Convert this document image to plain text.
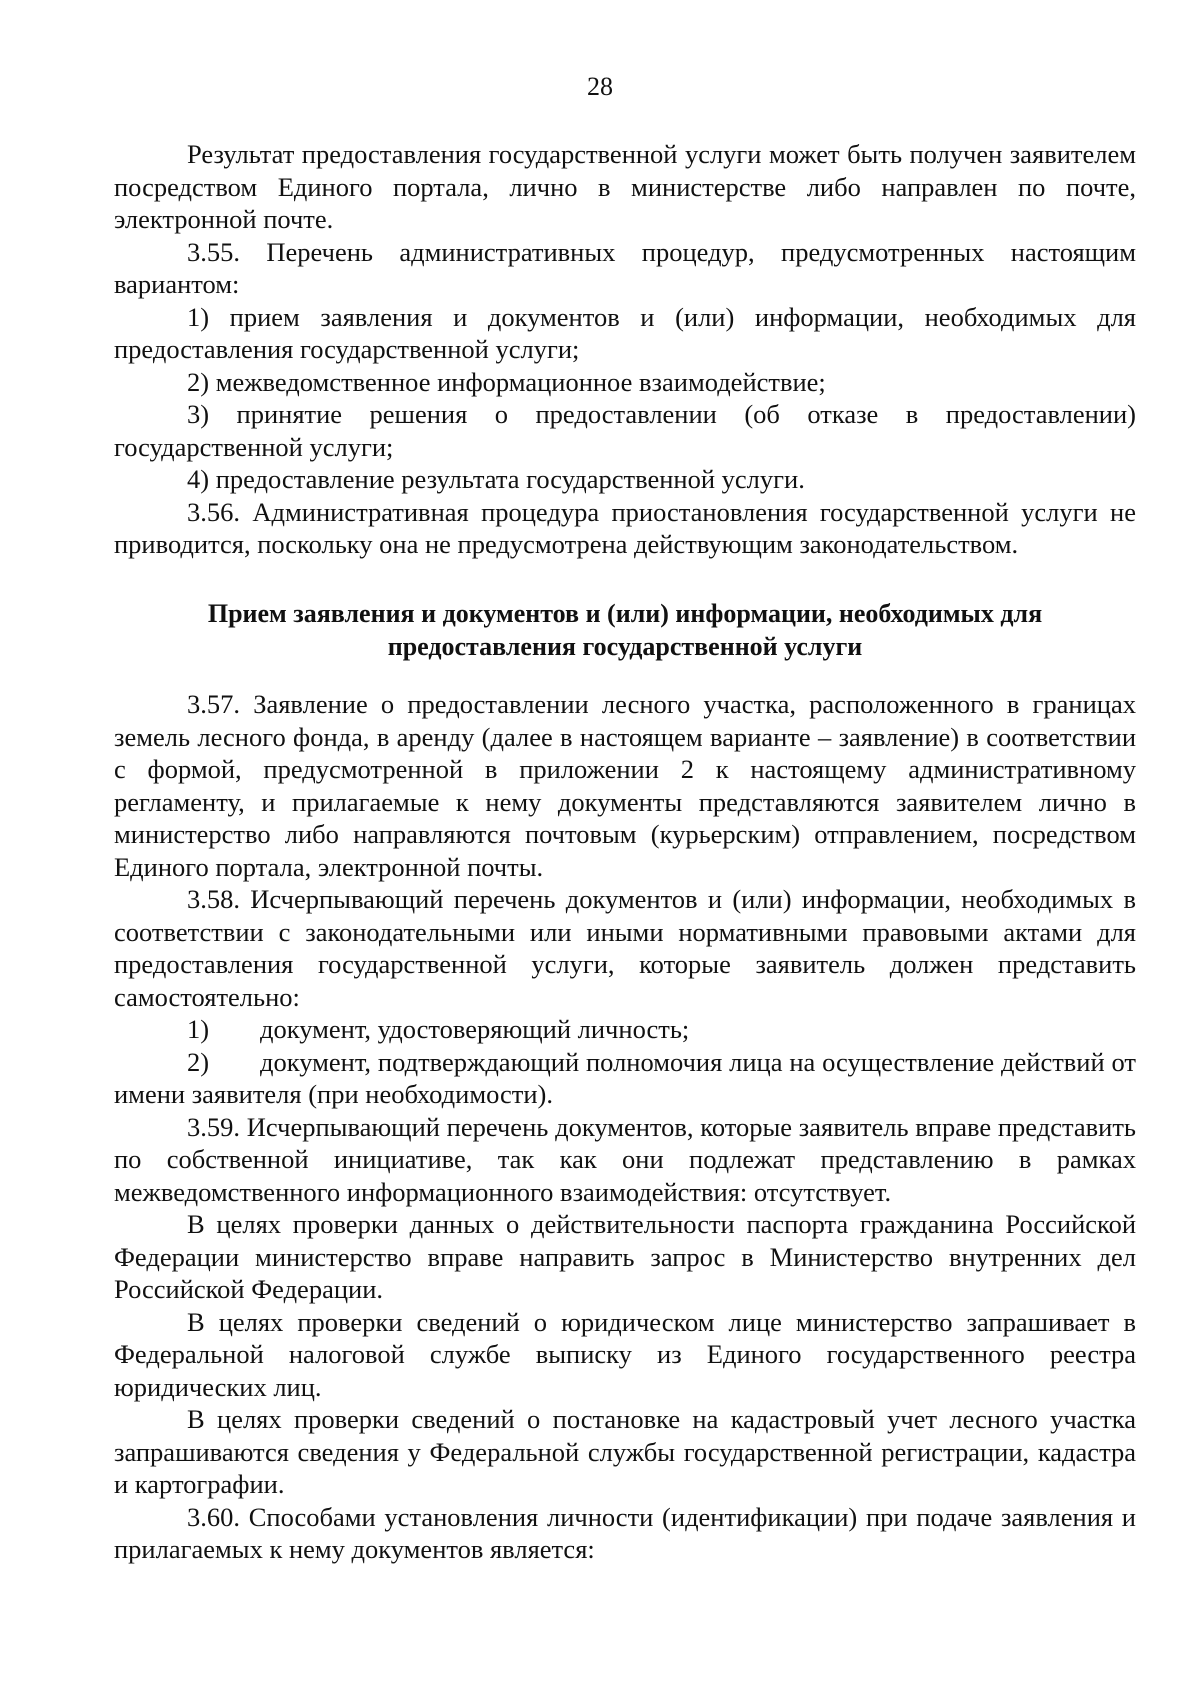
28

Результат предоставления государственной услуги может быть получен заявителем посредством Единого портала, лично в министерстве либо направлен по почте, электронной почте.

3.55. Перечень административных процедур, предусмотренных настоящим вариантом:

1) прием заявления и документов и (или) информации, необходимых для предоставления государственной услуги;

2) межведомственное информационное взаимодействие;

3) принятие решения о предоставлении (об отказе в предоставлении) государственной услуги;

4) предоставление результата государственной услуги.

3.56. Административная процедура приостановления государственной услуги не приводится, поскольку она не предусмотрена действующим законодательством.

Прием заявления и документов и (или) информации, необходимых для
предоставления государственной услуги

3.57. Заявление о предоставлении лесного участка, расположенного в границах земель лесного фонда, в аренду (далее в настоящем варианте – заявление) в соответствии с формой, предусмотренной в приложении 2 к настоящему административному регламенту, и прилагаемые к нему документы представляются заявителем лично в министерство либо направляются почтовым (курьерским) отправлением, посредством Единого портала, электронной почты.

3.58. Исчерпывающий перечень документов и (или) информации, необходимых в соответствии с законодательными или иными нормативными правовыми актами для предоставления государственной услуги, которые заявитель должен представить самостоятельно:

1) документ, удостоверяющий личность;

2) документ, подтверждающий полномочия лица на осуществление действий от имени заявителя (при необходимости).

3.59. Исчерпывающий перечень документов, которые заявитель вправе представить по собственной инициативе, так как они подлежат представлению в рамках межведомственного информационного взаимодействия: отсутствует.

В целях проверки данных о действительности паспорта гражданина Российской Федерации министерство вправе направить запрос в Министерство внутренних дел Российской Федерации.

В целях проверки сведений о юридическом лице министерство запрашивает в Федеральной налоговой службе выписку из Единого государственного реестра юридических лиц.

В целях проверки сведений о постановке на кадастровый учет лесного участка запрашиваются сведения у Федеральной службы государственной регистрации, кадастра и картографии.

3.60. Способами установления личности (идентификации) при подаче заявления и прилагаемых к нему документов является:
